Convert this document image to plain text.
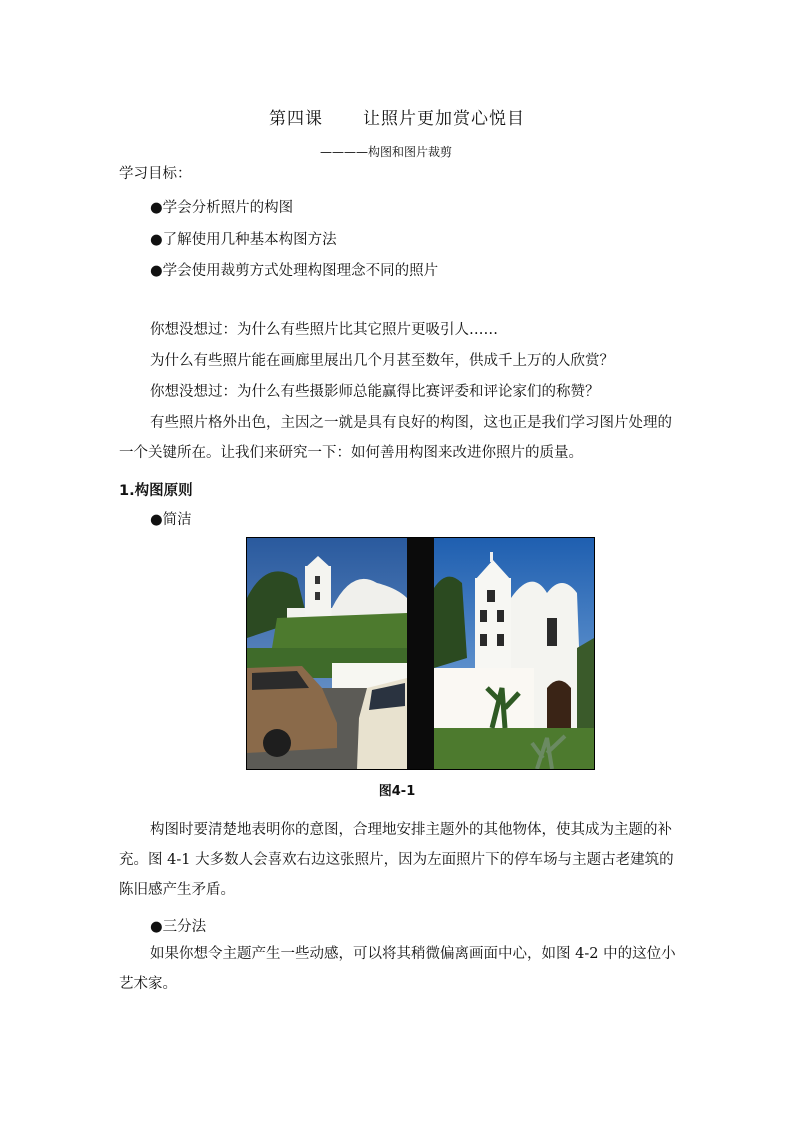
第四课 让照片更加赏心悦目
————构图和图片裁剪
学习目标：
●学会分析照片的构图
●了解使用几种基本构图方法
●学会使用裁剪方式处理构图理念不同的照片
你想没想过：为什么有些照片比其它照片更吸引人……
为什么有些照片能在画廊里展出几个月甚至数年，供成千上万的人欣赏？
你想没想过：为什么有些摄影师总能赢得比赛评委和评论家们的称赞？
有些照片格外出色，主因之一就是具有良好的构图，这也正是我们学习图片处理的一个关键所在。让我们来研究一下：如何善用构图来改进你照片的质量。
1.构图原则
●简洁
图4-1
构图时要清楚地表明你的意图，合理地安排主题外的其他物体，使其成为主题的补充。图 4-1 大多数人会喜欢右边这张照片，因为左面照片下的停车场与主题古老建筑的陈旧感产生矛盾。
●三分法
如果你想令主题产生一些动感，可以将其稍微偏离画面中心，如图 4-2 中的这位小艺术家。
